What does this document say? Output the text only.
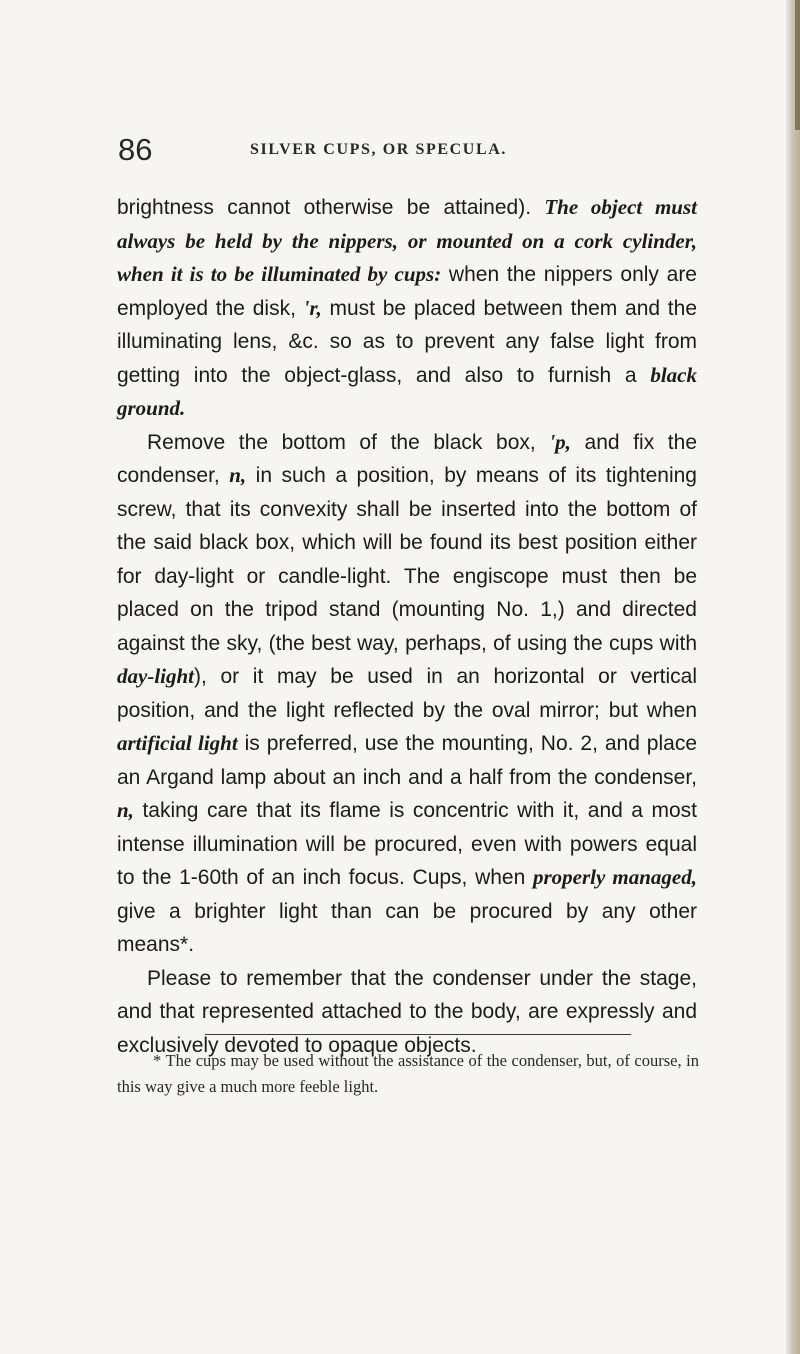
86	SILVER CUPS, OR SPECULA.

brightness cannot otherwise be attained). The object must always be held by the nippers, or mounted on a cork cylinder, when it is to be illuminated by cups: when the nippers only are employed the disk, 'r, must be placed between them and the illuminating lens, &c. so as to prevent any false light from getting into the object-glass, and also to furnish a black ground.

Remove the bottom of the black box, 'p, and fix the condenser, n, in such a position, by means of its tightening screw, that its convexity shall be inserted into the bottom of the said black box, which will be found its best position either for day-light or candle-light. The engiscope must then be placed on the tripod stand (mounting No. 1,) and directed against the sky, (the best way, perhaps, of using the cups with day-light), or it may be used in an horizontal or vertical position, and the light reflected by the oval mirror; but when artificial light is preferred, use the mounting, No. 2, and place an Argand lamp about an inch and a half from the condenser, n, taking care that its flame is concentric with it, and a most intense illumination will be procured, even with powers equal to the 1-60th of an inch focus. Cups, when properly managed, give a brighter light than can be procured by any other means*.

Please to remember that the condenser under the stage, and that represented attached to the body, are expressly and exclusively devoted to opaque objects.

* The cups may be used without the assistance of the condenser, but, of course, in this way give a much more feeble light.
